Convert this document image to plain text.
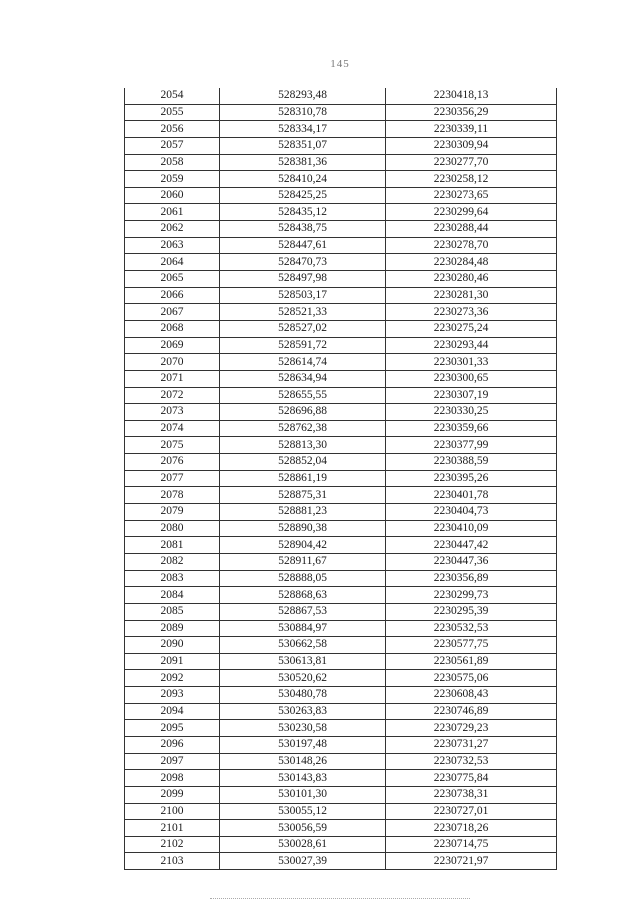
145
2054	528293,48	2230418,13
2055	528310,78	2230356,29
2056	528334,17	2230339,11
2057	528351,07	2230309,94
2058	528381,36	2230277,70
2059	528410,24	2230258,12
2060	528425,25	2230273,65
2061	528435,12	2230299,64
2062	528438,75	2230288,44
2063	528447,61	2230278,70
2064	528470,73	2230284,48
2065	528497,98	2230280,46
2066	528503,17	2230281,30
2067	528521,33	2230273,36
2068	528527,02	2230275,24
2069	528591,72	2230293,44
2070	528614,74	2230301,33
2071	528634,94	2230300,65
2072	528655,55	2230307,19
2073	528696,88	2230330,25
2074	528762,38	2230359,66
2075	528813,30	2230377,99
2076	528852,04	2230388,59
2077	528861,19	2230395,26
2078	528875,31	2230401,78
2079	528881,23	2230404,73
2080	528890,38	2230410,09
2081	528904,42	2230447,42
2082	528911,67	2230447,36
2083	528888,05	2230356,89
2084	528868,63	2230299,73
2085	528867,53	2230295,39
2089	530884,97	2230532,53
2090	530662,58	2230577,75
2091	530613,81	2230561,89
2092	530520,62	2230575,06
2093	530480,78	2230608,43
2094	530263,83	2230746,89
2095	530230,58	2230729,23
2096	530197,48	2230731,27
2097	530148,26	2230732,53
2098	530143,83	2230775,84
2099	530101,30	2230738,31
2100	530055,12	2230727,01
2101	530056,59	2230718,26
2102	530028,61	2230714,75
2103	530027,39	2230721,97
